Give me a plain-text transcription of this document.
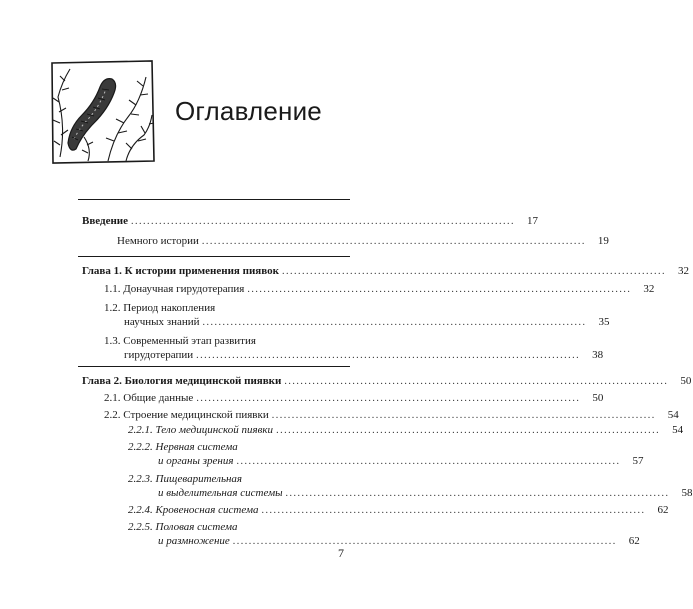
Оглавление
Введение ................................................................................................	17
Немного истории ................................................................................................	19
Глава 1. К истории применения пиявок ................................................................................................	32
1.1. Донаучная гирудотерапия ................................................................................................	32
1.2. Период накопления
научных знаний ................................................................................................	35
1.3. Современный этап развития
гирудотерапии ................................................................................................	38
Глава 2. Биология медицинской пиявки ................................................................................................	50
2.1. Общие данные ................................................................................................	50
2.2. Строение медицинской пиявки ................................................................................................	54
2.2.1. Тело медицинской пиявки ................................................................................................	54
2.2.2. Нервная система
и органы зрения ................................................................................................	57
2.2.3. Пищеварительная
и выделительная системы ................................................................................................	58
2.2.4. Кровеносная система ................................................................................................	62
2.2.5. Половая система
и размножение ................................................................................................	62
7
